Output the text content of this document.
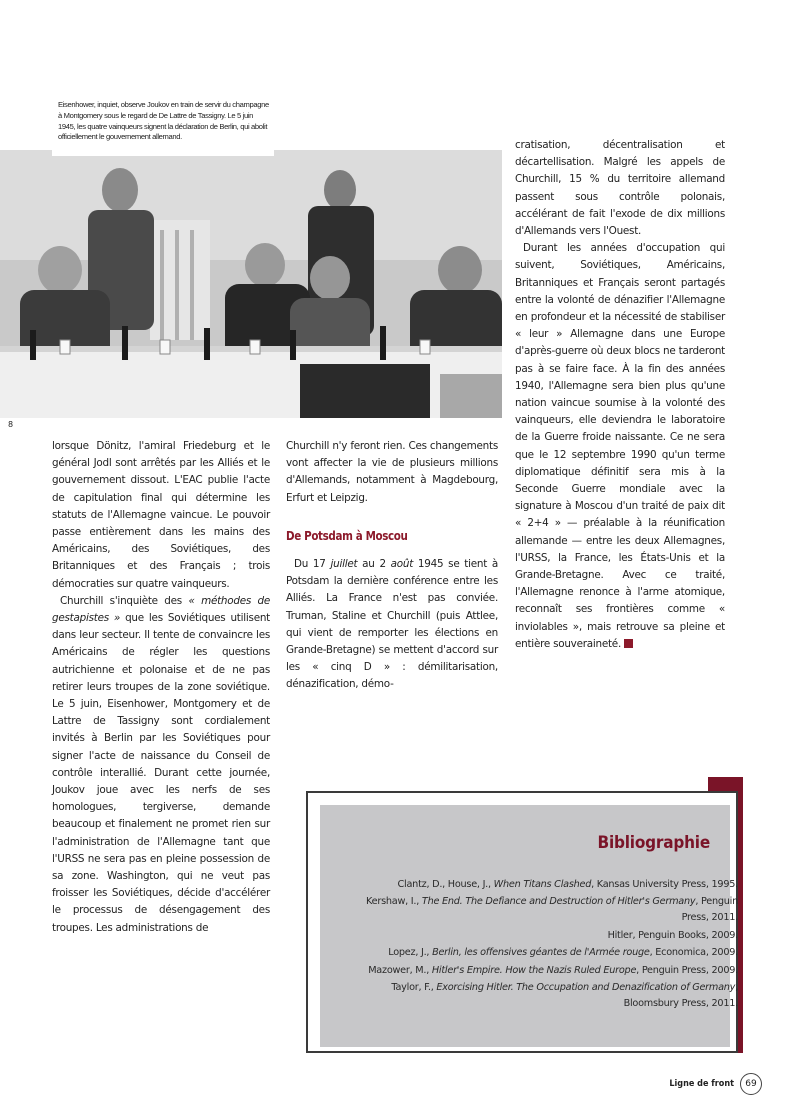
Eisenhower, inquiet, observe Joukov en train de servir du champagne à Montgomery sous le regard de De Lattre de Tassigny. Le 5 juin 1945, les quatre vainqueurs signent la déclaration de Berlin, qui abolit officiellement le gouvernement allemand.

8

lorsque Dönitz, l'amiral Friedeburg et le général Jodl sont arrêtés par les Alliés et le gouvernement dissout. L'EAC publie l'acte de capitulation final qui détermine les statuts de l'Allemagne vaincue. Le pouvoir passe entièrement dans les mains des Américains, des Soviétiques, des Britanniques et des Français ; trois démocraties sur quatre vainqueurs.

Churchill s'inquiète des « méthodes de gestapistes » que les Soviétiques utilisent dans leur secteur. Il tente de convaincre les Américains de régler les questions autrichienne et polonaise et de ne pas retirer leurs troupes de la zone soviétique. Le 5 juin, Eisenhower, Montgomery et de Lattre de Tassigny sont cordialement invités à Berlin par les Soviétiques pour signer l'acte de naissance du Conseil de contrôle interallié. Durant cette journée, Joukov joue avec les nerfs de ses homologues, tergiverse, demande beaucoup et finalement ne promet rien sur l'administration de l'Allemagne tant que l'URSS ne sera pas en pleine possession de sa zone. Washington, qui ne veut pas froisser les Soviétiques, décide d'accélérer le processus de désengagement des troupes. Les administrations de

Churchill n'y feront rien. Ces changements vont affecter la vie de plusieurs millions d'Allemands, notamment à Magdebourg, Erfurt et Leipzig.

De Potsdam à Moscou

Du 17 juillet au 2 août 1945 se tient à Potsdam la dernière conférence entre les Alliés. La France n'est pas conviée. Truman, Staline et Churchill (puis Attlee, qui vient de remporter les élections en Grande-Bretagne) se mettent d'accord sur les « cinq D » : démilitarisation, dénazification, démo-

cratisation, décentralisation et décartellisation. Malgré les appels de Churchill, 15 % du territoire allemand passent sous contrôle polonais, accélérant de fait l'exode de dix millions d'Allemands vers l'Ouest.

Durant les années d'occupation qui suivent, Soviétiques, Américains, Britanniques et Français seront partagés entre la volonté de dénazifier l'Allemagne en profondeur et la nécessité de stabiliser « leur » Allemagne dans une Europe d'après-guerre où deux blocs ne tarderont pas à se faire face. À la fin des années 1940, l'Allemagne sera bien plus qu'une nation vaincue soumise à la volonté des vainqueurs, elle deviendra le laboratoire de la Guerre froide naissante. Ce ne sera que le 12 septembre 1990 qu'un terme diplomatique définitif sera mis à la Seconde Guerre mondiale avec la signature à Moscou d'un traité de paix dit « 2+4 » — préalable à la réunification allemande — entre les deux Allemagnes, l'URSS, la France, les États-Unis et la Grande-Bretagne. Avec ce traité, l'Allemagne renonce à l'arme atomique, reconnaît ses frontières comme « inviolables », mais retrouve sa pleine et entière souveraineté.

Bibliographie
Clantz, D., House, J., When Titans Clashed, Kansas University Press, 1995.
Kershaw, I., The End. The Defiance and Destruction of Hitler's Germany, Penguin Press, 2011.
Hitler, Penguin Books, 2009.
Lopez, J., Berlin, les offensives géantes de l'Armée rouge, Economica, 2009.
Mazower, M., Hitler's Empire. How the Nazis Ruled Europe, Penguin Press, 2009.
Taylor, F., Exorcising Hitler. The Occupation and Denazification of Germany, Bloomsbury Press, 2011.
Ligne de front	69
